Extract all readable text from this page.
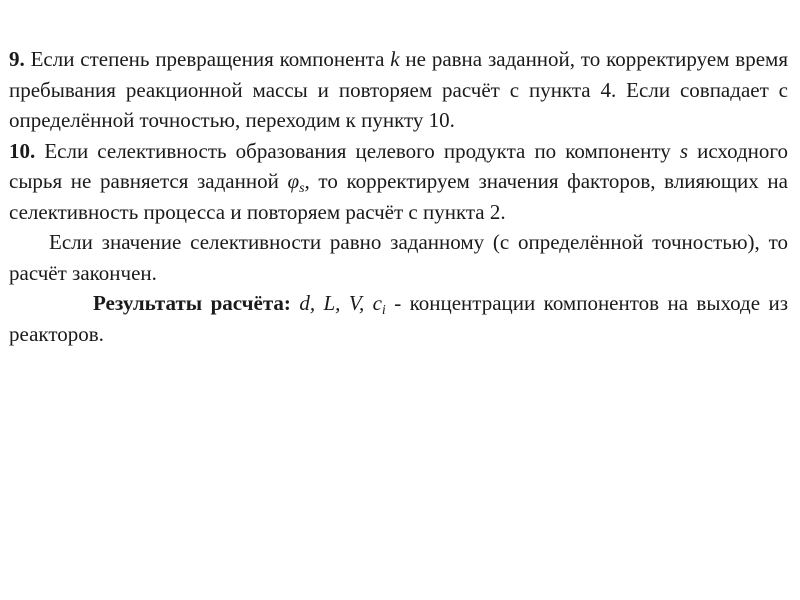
9. Если степень превращения компонента k не равна заданной, то корректируем время пребывания реакционной массы и повторяем расчёт с пункта 4. Если совпадает с определённой точностью, переходим к пункту 10.

10. Если селективность образования целевого продукта по компоненту s исходного сырья не равняется заданной $\varphi_s$, то корректируем значения факторов, влияющих на селективность процесса и повторяем расчёт с пункта 2.

Если значение селективности равно заданному (с определённой точностью), то расчёт закончен.

Результаты расчёта: d, L, V, $c_i$ - концентрации компонентов на выходе из реакторов.
